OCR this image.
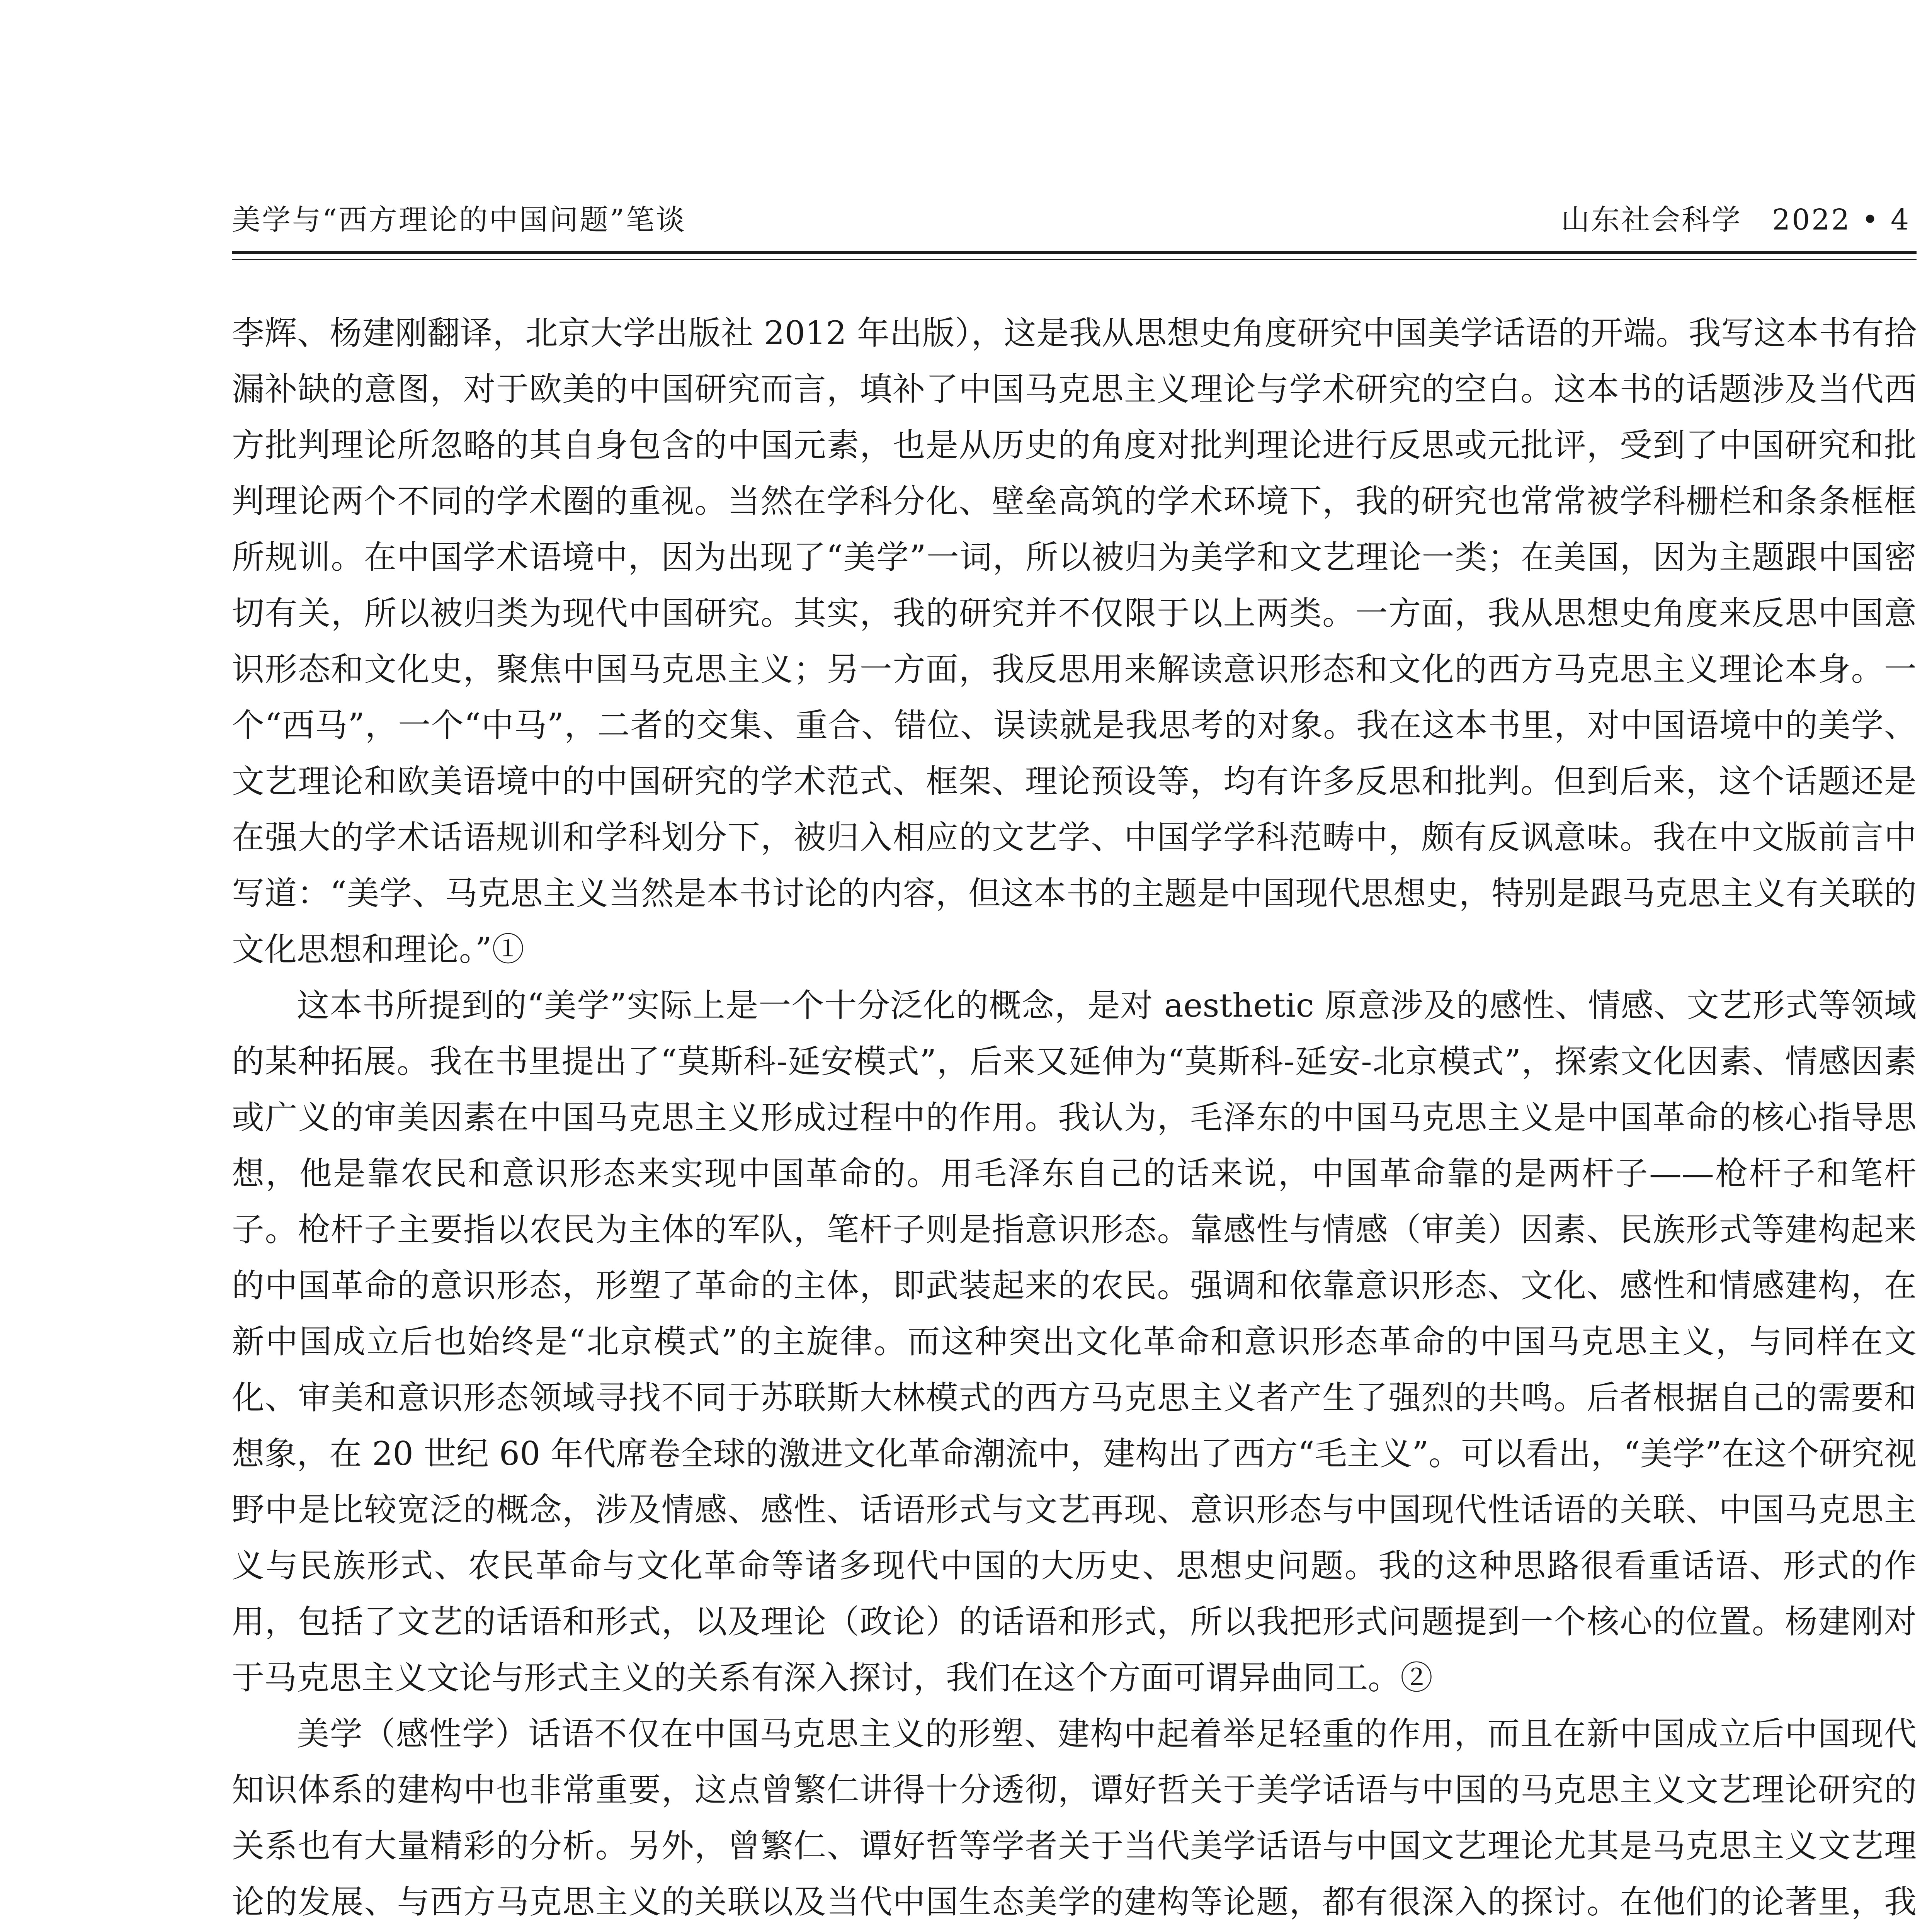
美学与“西方理论的中国问题”笔谈	山东社会科学　2022 • 4

李辉、杨建刚翻译，北京大学出版社 2012 年出版），这是我从思想史角度研究中国美学话语的开端。我写这本书有拾漏补缺的意图，对于欧美的中国研究而言，填补了中国马克思主义理论与学术研究的空白。这本书的话题涉及当代西方批判理论所忽略的其自身包含的中国元素，也是从历史的角度对批判理论进行反思或元批评，受到了中国研究和批判理论两个不同的学术圈的重视。当然在学科分化、壁垒高筑的学术环境下，我的研究也常常被学科栅栏和条条框框所规训。在中国学术语境中，因为出现了“美学”一词，所以被归为美学和文艺理论一类；在美国，因为主题跟中国密切有关，所以被归类为现代中国研究。其实，我的研究并不仅限于以上两类。一方面，我从思想史角度来反思中国意识形态和文化史，聚焦中国马克思主义；另一方面，我反思用来解读意识形态和文化的西方马克思主义理论本身。一个“西马”，一个“中马”，二者的交集、重合、错位、误读就是我思考的对象。我在这本书里，对中国语境中的美学、文艺理论和欧美语境中的中国研究的学术范式、框架、理论预设等，均有许多反思和批判。但到后来，这个话题还是在强大的学术话语规训和学科划分下，被归入相应的文艺学、中国学学科范畴中，颇有反讽意味。我在中文版前言中写道：“美学、马克思主义当然是本书讨论的内容，但这本书的主题是中国现代思想史，特别是跟马克思主义有关联的文化思想和理论。”①

这本书所提到的“美学”实际上是一个十分泛化的概念，是对 aesthetic 原意涉及的感性、情感、文艺形式等领域的某种拓展。我在书里提出了“莫斯科-延安模式”，后来又延伸为“莫斯科-延安-北京模式”，探索文化因素、情感因素或广义的审美因素在中国马克思主义形成过程中的作用。我认为，毛泽东的中国马克思主义是中国革命的核心指导思想，他是靠农民和意识形态来实现中国革命的。用毛泽东自己的话来说，中国革命靠的是两杆子——枪杆子和笔杆子。枪杆子主要指以农民为主体的军队，笔杆子则是指意识形态。靠感性与情感（审美）因素、民族形式等建构起来的中国革命的意识形态，形塑了革命的主体，即武装起来的农民。强调和依靠意识形态、文化、感性和情感建构，在新中国成立后也始终是“北京模式”的主旋律。而这种突出文化革命和意识形态革命的中国马克思主义，与同样在文化、审美和意识形态领域寻找不同于苏联斯大林模式的西方马克思主义者产生了强烈的共鸣。后者根据自己的需要和想象，在 20 世纪 60 年代席卷全球的激进文化革命潮流中，建构出了西方“毛主义”。可以看出，“美学”在这个研究视野中是比较宽泛的概念，涉及情感、感性、话语形式与文艺再现、意识形态与中国现代性话语的关联、中国马克思主义与民族形式、农民革命与文化革命等诸多现代中国的大历史、思想史问题。我的这种思路很看重话语、形式的作用，包括了文艺的话语和形式，以及理论（政论）的话语和形式，所以我把形式问题提到一个核心的位置。杨建刚对于马克思主义文论与形式主义的关系有深入探讨，我们在这个方面可谓异曲同工。②

美学（感性学）话语不仅在中国马克思主义的形塑、建构中起着举足轻重的作用，而且在新中国成立后中国现代知识体系的建构中也非常重要，这点曾繁仁讲得十分透彻，谭好哲关于美学话语与中国的马克思主义文艺理论研究的关系也有大量精彩的分析。另外，曾繁仁、谭好哲等学者关于当代美学话语与中国文艺理论尤其是马克思主义文艺理论的发展、与西方马克思主义的关联以及当代中国生态美学的建构等论题，都有很深入的探讨。在他们的论著里，我
